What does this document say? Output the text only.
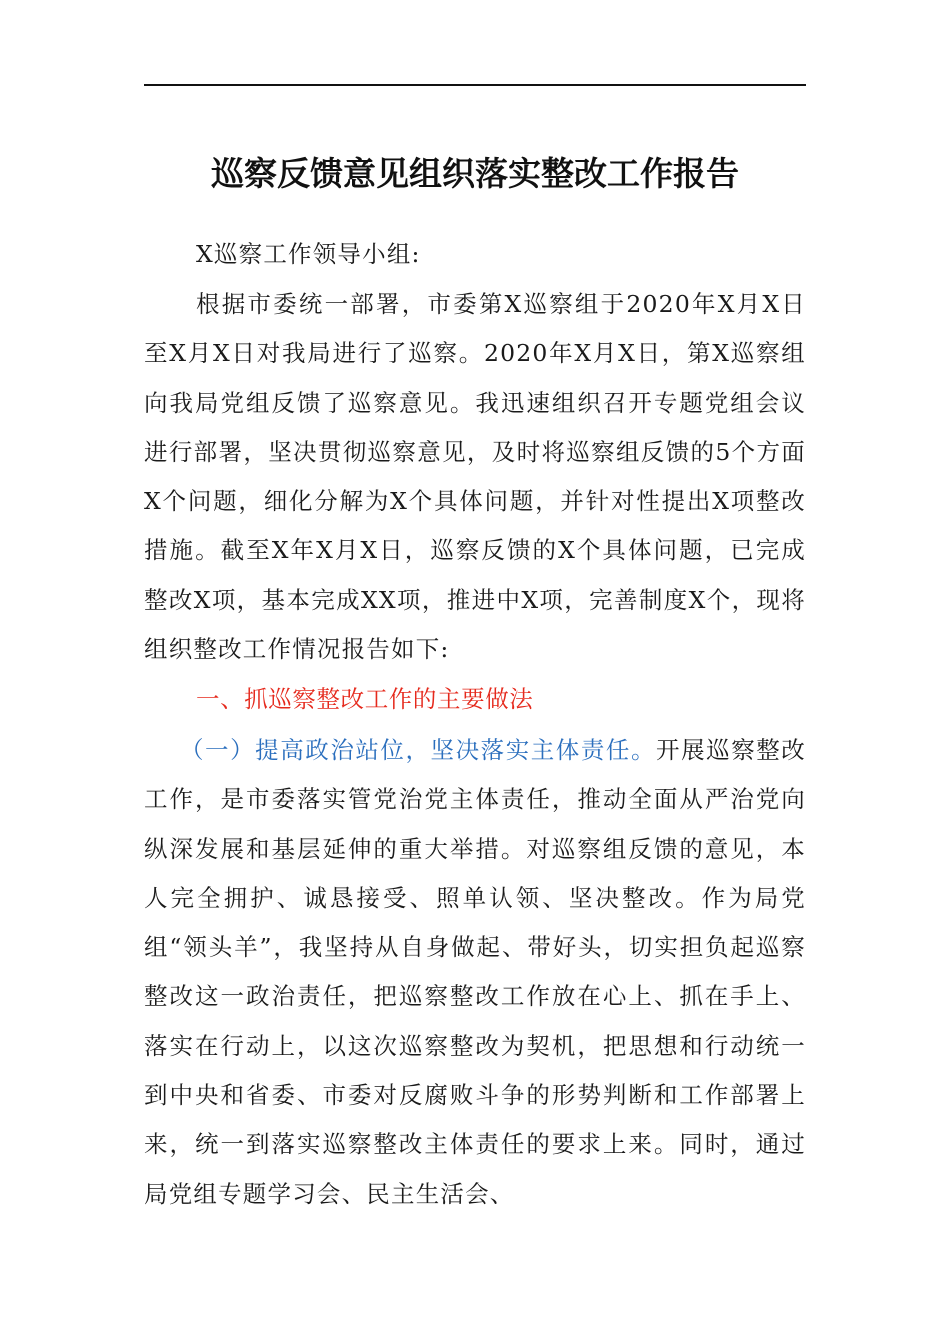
巡察反馈意见组织落实整改工作报告
X巡察工作领导小组:
根据市委统一部署，市委第X巡察组于2020年X月X日至X月X日对我局进行了巡察。2020年X月X日，第X巡察组向我局党组反馈了巡察意见。我迅速组织召开专题党组会议进行部署，坚决贯彻巡察意见，及时将巡察组反馈的5个方面X个问题，细化分解为X个具体问题，并针对性提出X项整改措施。截至X年X月X日，巡察反馈的X个具体问题，已完成整改X项，基本完成XX项，推进中X项，完善制度X个，现将组织整改工作情况报告如下:
一、抓巡察整改工作的主要做法
（一）提高政治站位，坚决落实主体责任。开展巡察整改工作，是市委落实管党治党主体责任，推动全面从严治党向纵深发展和基层延伸的重大举措。对巡察组反馈的意见，本人完全拥护、诚恳接受、照单认领、坚决整改。作为局党组“领头羊”，我坚持从自身做起、带好头，切实担负起巡察整改这一政治责任，把巡察整改工作放在心上、抓在手上、落实在行动上，以这次巡察整改为契机，把思想和行动统一到中央和省委、市委对反腐败斗争的形势判断和工作部署上来，统一到落实巡察整改主体责任的要求上来。同时，通过局党组专题学习会、民主生活会、
